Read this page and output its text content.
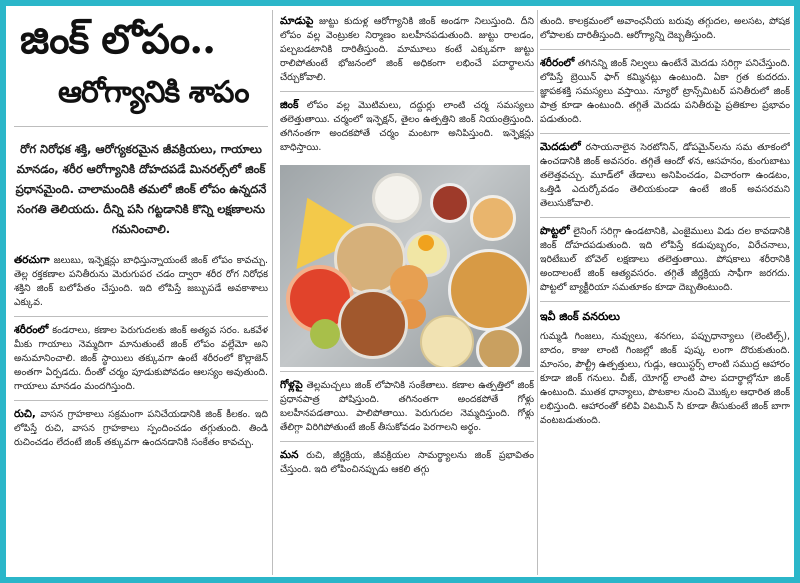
జింక్ లోపం..
ఆరోగ్యానికి శాపం
రోగ నిరోధక శక్తి, ఆరోగ్యకరమైన జీవక్రియలు, గాయాలు మానడం, శరీర ఆరోగ్యానికి దోహదపడే మినరల్స్‌లో జింక్ ప్రధానమైంది. చాలామందికి తమలో జింక్ లోపం ఉన్నదనే సంగతి తెలియదు. దీన్ని పసి గట్టడానికి కొన్ని లక్షణాలను గమనించాలి.

తరచుగా జలుబు, ఇన్ఫెక్షన్లు బాధిస్తున్నాయంటే జింక్ లోపం కావచ్చు. తెల్ల రక్తకణాల పనితీరును మెరుగుపర చడం ద్వారా శరీర రోగ నిరోధక శక్తిని జింక్ బలోపేతం చేస్తుంది. ఇది లోపిస్తే జబ్బుపడే అవకాశాలు ఎక్కువ.

శరీరంలో కండరాలు, కణాల పెరుగుదలకు జింక్ అత్యవ సరం. ఒకవేళ మీకు గాయాలు నెమ్మదిగా మానుతుంటే జింక్ లోపం వల్లేమో అని అనుమానించాలి. జింక్ స్థాయిలు తక్కువగా ఉంటే శరీరంలో కొల్లాజెన్ అంతగా ఏర్పడదు. దీంతో చర్మం పూడుకుపోవడం ఆలస్యం అవుతుంది. గాయాలు మానడం మందగిస్తుంది.

రుచి, వాసన గ్రాహకాలు సక్రమంగా పనిచేయడానికి జింక్ కీలకం. ఇది లోపిస్తే రుచి, వాసన గ్రాహకాలు స్పందించడం తగ్గుతుంది. తిండి రుచించడం లేదంటే జింక్ తక్కువగా ఉందనడానికి సంకేతం కావచ్చు.

మాడుపై జుట్టు కుదుళ్ల ఆరోగ్యానికి జింక్ అండగా నిలుస్తుంది. దీని లోపం వల్ల వెంట్రుకల నిర్మాణం బలహీనపడుతుంది. జుట్టు రాలడం, పల్చబడటానికి దారితీస్తుంది. మామూలు కంటే ఎక్కువగా జుట్టు రాలిపోతుంటే భోజనంలో జింక్ అధికంగా లభించే పదార్థాలను చేర్చుకోవాలి.

జింక్ లోపం వల్ల మొటిమలు, దద్దుర్లు లాంటి చర్మ సమస్యలు తలెత్తుతాయి. చర్మంలో ఇన్ఫెక్షన్, తైలం ఉత్పత్తిని జింక్ నియంత్రిస్తుంది. తగినంతగా అందకపోతే చర్మం మంటగా అనిపిస్తుంది. ఇన్ఫెక్షన్లు బాధిస్తాయి.

గోళ్లపై తెల్లమచ్చలు జింక్ లోపానికి సంకేతాలు. కణాల ఉత్పత్తిలో జింక్ ప్రధానపాత్ర పోషిస్తుంది. తగినంతగా అందకపోతే గోళ్లు బలహీనపడతాయి. పాలిపోతాయి. పెరుగుదల నెమ్మదిస్తుంది. గోళ్లు తేలిగ్గా విరిగిపోతుంటే జింక్ తీసుకోవడం పెరగాలని అర్థం.

మన రుచి, జీర్ణక్రియ, జీవక్రియల సామర్థ్యాలను జింక్ ప్రభావితం చేస్తుంది. ఇది లోపించినప్పుడు ఆకలి తగ్గు

తుంది. కాలక్రమంలో అవాంఛనీయ బరువు తగ్గుదల, అలసట, పోషక లోపాలకు దారితీస్తుంది. ఆరోగ్యాన్ని దెబ్బతీస్తుంది.

శరీరంలో తగినన్ని జింక్ నిల్వలు ఉంటేనే మెదడు సరిగ్గా పనిచేస్తుంది. లోపిస్తే బ్రెయిన్ ఫాగ్ కమ్మినట్లు ఉంటుంది. ఏకా గ్రత కుదరదు. జ్ఞాపకశక్తి సమస్యలు వస్తాయి. న్యూరో ట్రాన్స్‌మిటర్ పనితీరులో జింక్ పాత్ర కూడా ఉంటుంది. తగ్గితే మెదడు పనితీరుపై ప్రతికూల ప్రభావం పడుతుంది.

మెదడులో రసాయనాలైన సెరటోనిన్, డోపమైన్‌లను సమ తూకంలో ఉంచడానికి జింక్ అవసరం. తగ్గితే ఆందో ళన, ఆసహనం, కుంగుబాటు తలెత్తవచ్చు. మూడ్‌లో తేడాలు అనిపించడం, విచారంగా ఉండటం, ఒత్తిడి ఎదుర్కోవడం తెలియకుండా ఉంటే జింక్ అవసరమని తెలుసుకోవాలి.

పొట్టలో లైనింగ్ సరిగ్గా ఉండటానికి, ఎంజైములు విడు దల కావడానికి జింక్ దోహదపడుతుంది. ఇది లోపిస్తే కడుపుబ్బరం, విరేచనాలు, ఇరిటేబుల్ బోవెల్ లక్షణాలు తలెత్తుతాయి. పోషకాలు శరీరానికి అందాలంటే జింక్ ఆత్యవసరం. తగ్గితే జీర్ణక్రియ సాఫీగా జరగదు. పొట్టలో బ్యాక్టీరియా సమతూకం కూడా దెబ్బతింటుంది.

ఇవీ జింక్ వనరులు

గుమ్మడి గింజలు, నువ్వులు, శనగలు, పప్పుధాన్యాలు (లెంటిల్స్), బాదం, కాజు లాంటి గింజల్లో జింక్ పుష్క లంగా దొరుకుతుంది. మాంసం, పౌల్ట్రీ ఉత్పత్తులు, గుడ్లు, ఆయిస్టర్స్ లాంటి సముద్ర ఆహారం కూడా జింక్ గనులు. చీజ్, యోగర్ట్ లాంటి పాల పదార్థాల్లోనూ జింక్ ఉంటుంది. ముతక ధాన్యాలు, పొటకాల నుంచి మొక్కల ఆధారిత జింక్ లభిస్తుంది. ఆహారంతో కలిపి విటమిన్ సి కూడా తీసుకుంటే జింక్ బాగా వంటబడుతుంది.
